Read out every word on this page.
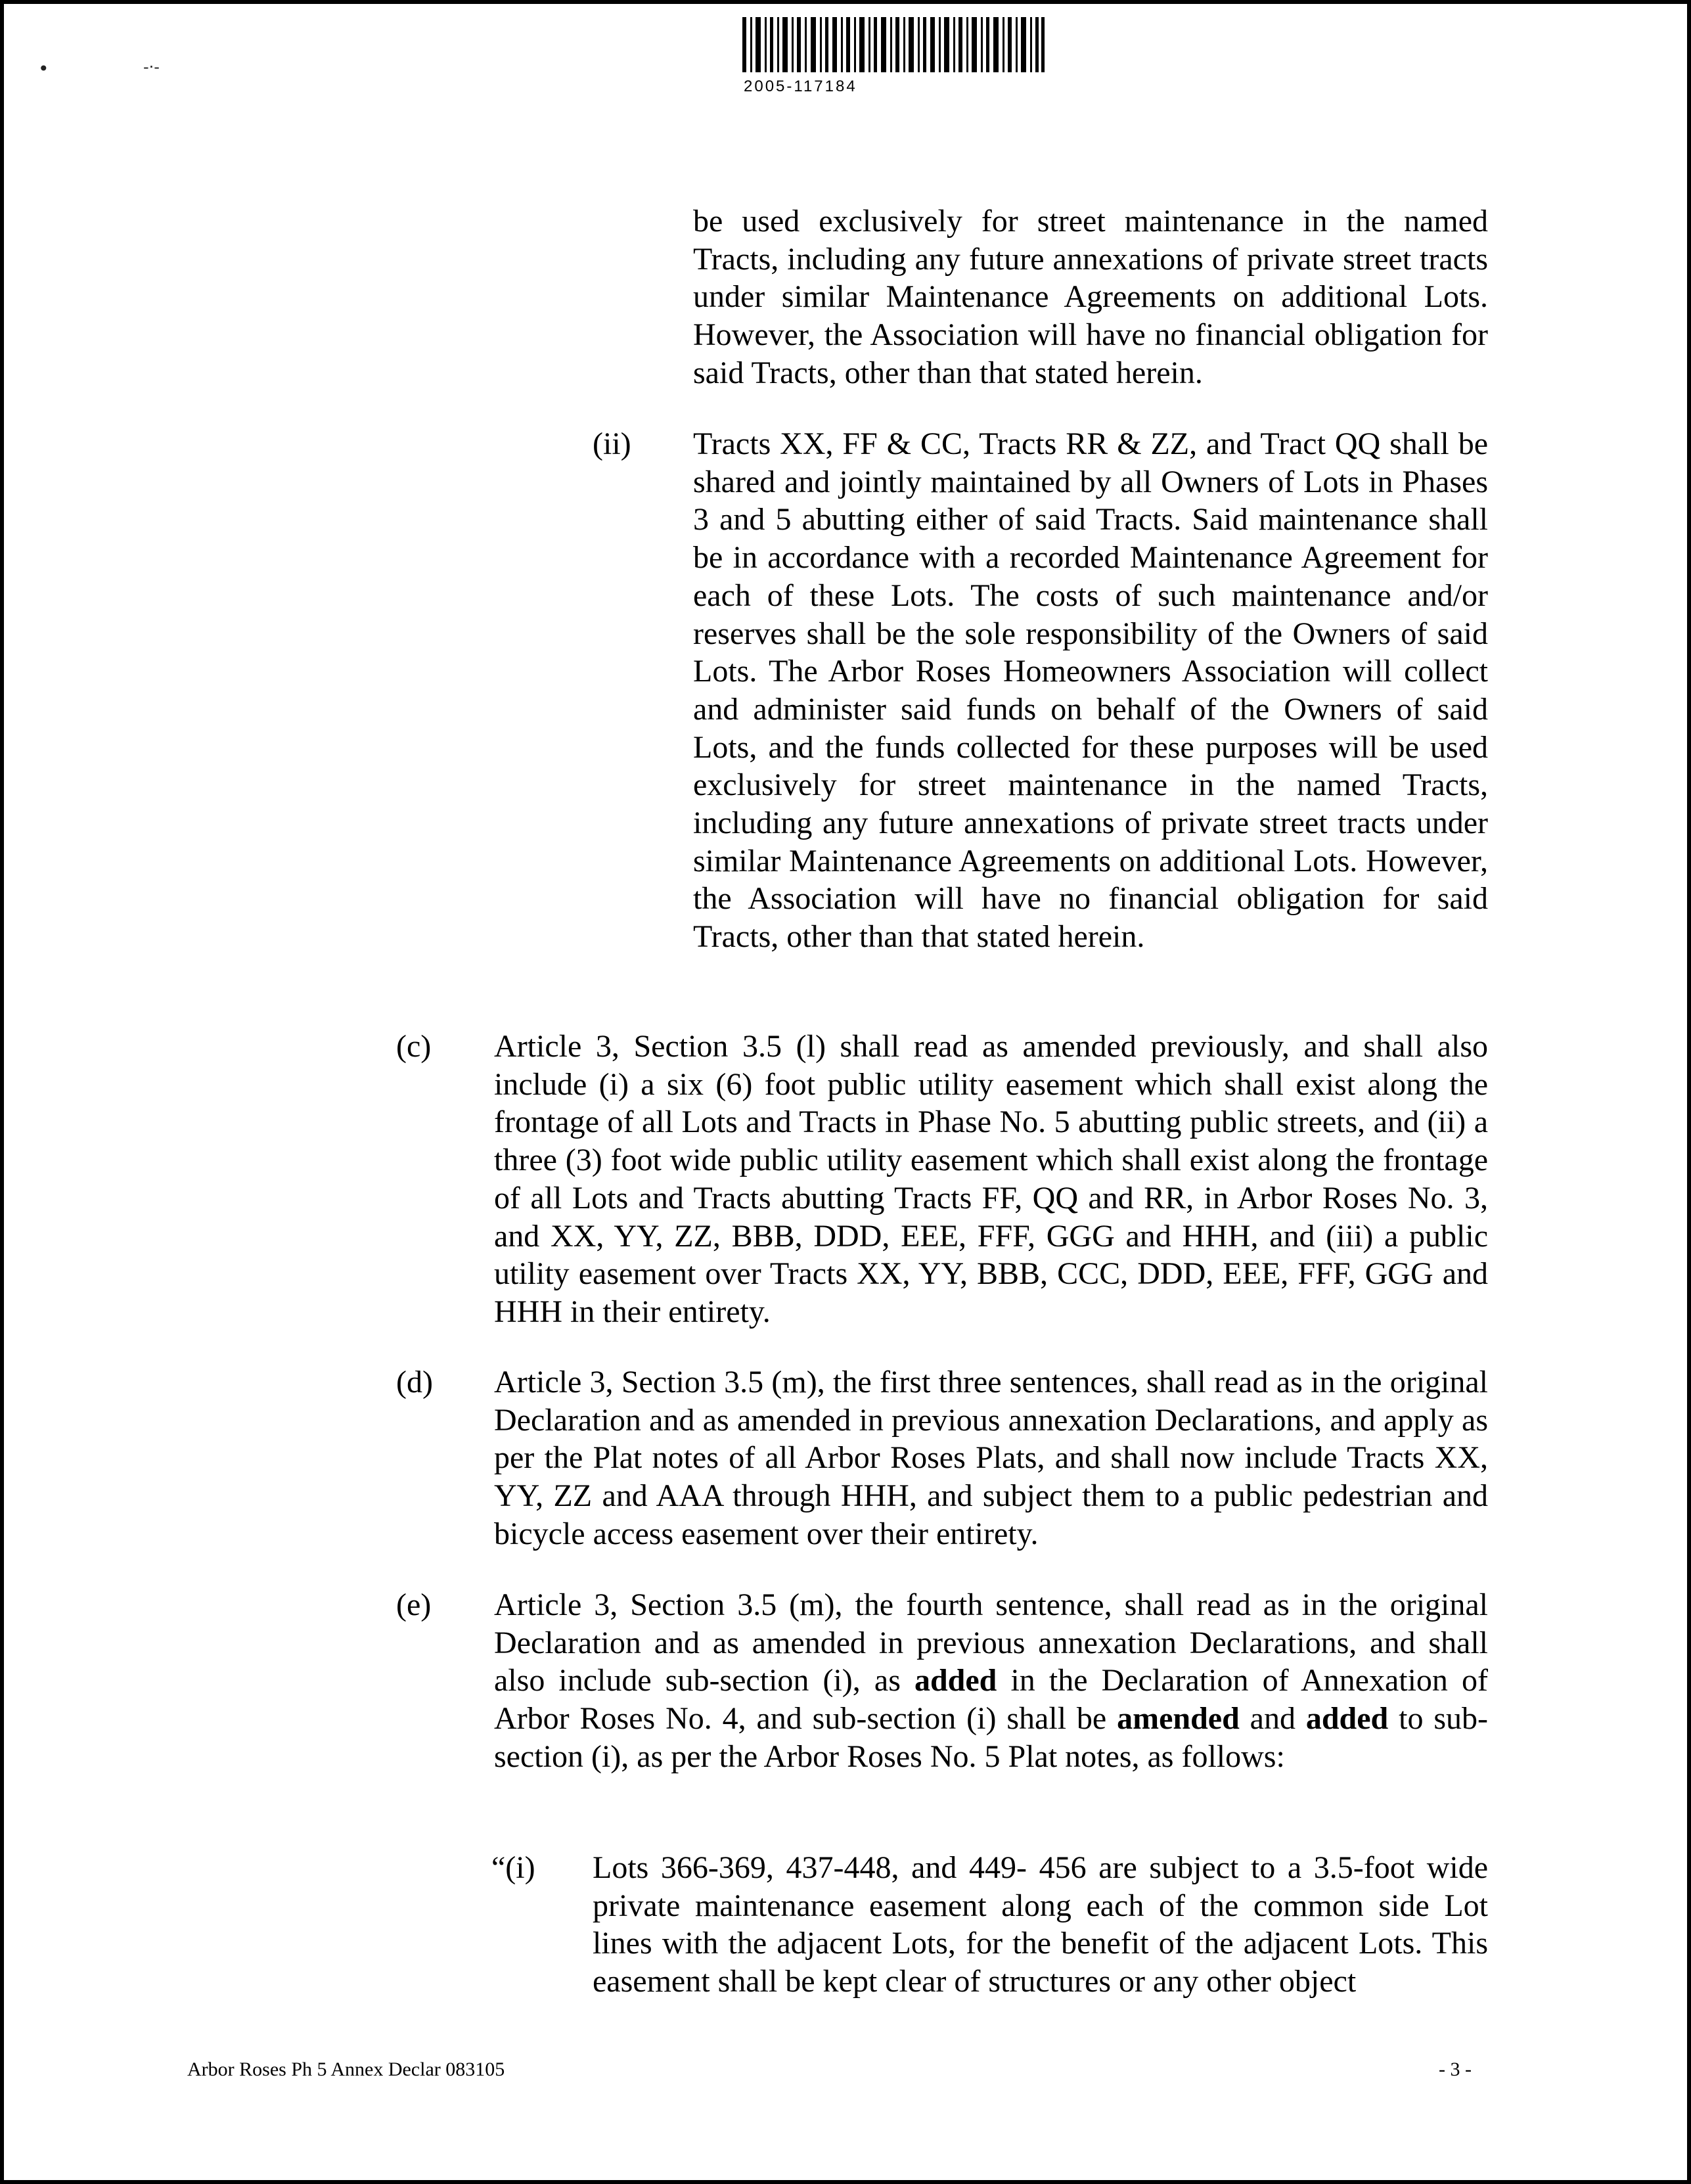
2005-117184
•	-·-

be used exclusively for street maintenance in the named Tracts, including any future annexations of private street tracts under similar Maintenance Agreements on additional Lots. However, the Association will have no financial obligation for said Tracts, other than that stated herein.

(ii) Tracts XX, FF & CC, Tracts RR & ZZ, and Tract QQ shall be shared and jointly maintained by all Owners of Lots in Phases 3 and 5 abutting either of said Tracts. Said maintenance shall be in accordance with a recorded Maintenance Agreement for each of these Lots. The costs of such maintenance and/or reserves shall be the sole responsibility of the Owners of said Lots. The Arbor Roses Homeowners Association will collect and administer said funds on behalf of the Owners of said Lots, and the funds collected for these purposes will be used exclusively for street maintenance in the named Tracts, including any future annexations of private street tracts under similar Maintenance Agreements on additional Lots. However, the Association will have no financial obligation for said Tracts, other than that stated herein.

(c) Article 3, Section 3.5 (l) shall read as amended previously, and shall also include (i) a six (6) foot public utility easement which shall exist along the frontage of all Lots and Tracts in Phase No. 5 abutting public streets, and (ii) a three (3) foot wide public utility easement which shall exist along the frontage of all Lots and Tracts abutting Tracts FF, QQ and RR, in Arbor Roses No. 3, and XX, YY, ZZ, BBB, DDD, EEE, FFF, GGG and HHH, and (iii) a public utility easement over Tracts XX, YY, BBB, CCC, DDD, EEE, FFF, GGG and HHH in their entirety.

(d) Article 3, Section 3.5 (m), the first three sentences, shall read as in the original Declaration and as amended in previous annexation Declarations, and apply as per the Plat notes of all Arbor Roses Plats, and shall now include Tracts XX, YY, ZZ and AAA through HHH, and subject them to a public pedestrian and bicycle access easement over their entirety.

(e) Article 3, Section 3.5 (m), the fourth sentence, shall read as in the original Declaration and as amended in previous annexation Declarations, and shall also include sub-section (i), as added in the Declaration of Annexation of Arbor Roses No. 4, and sub-section (i) shall be amended and added to sub-section (i), as per the Arbor Roses No. 5 Plat notes, as follows:

“(i) Lots 366-369, 437-448, and 449- 456 are subject to a 3.5-foot wide private maintenance easement along each of the common side Lot lines with the adjacent Lots, for the benefit of the adjacent Lots. This easement shall be kept clear of structures or any other object

Arbor Roses Ph 5 Annex Declar 083105	- 3 -
